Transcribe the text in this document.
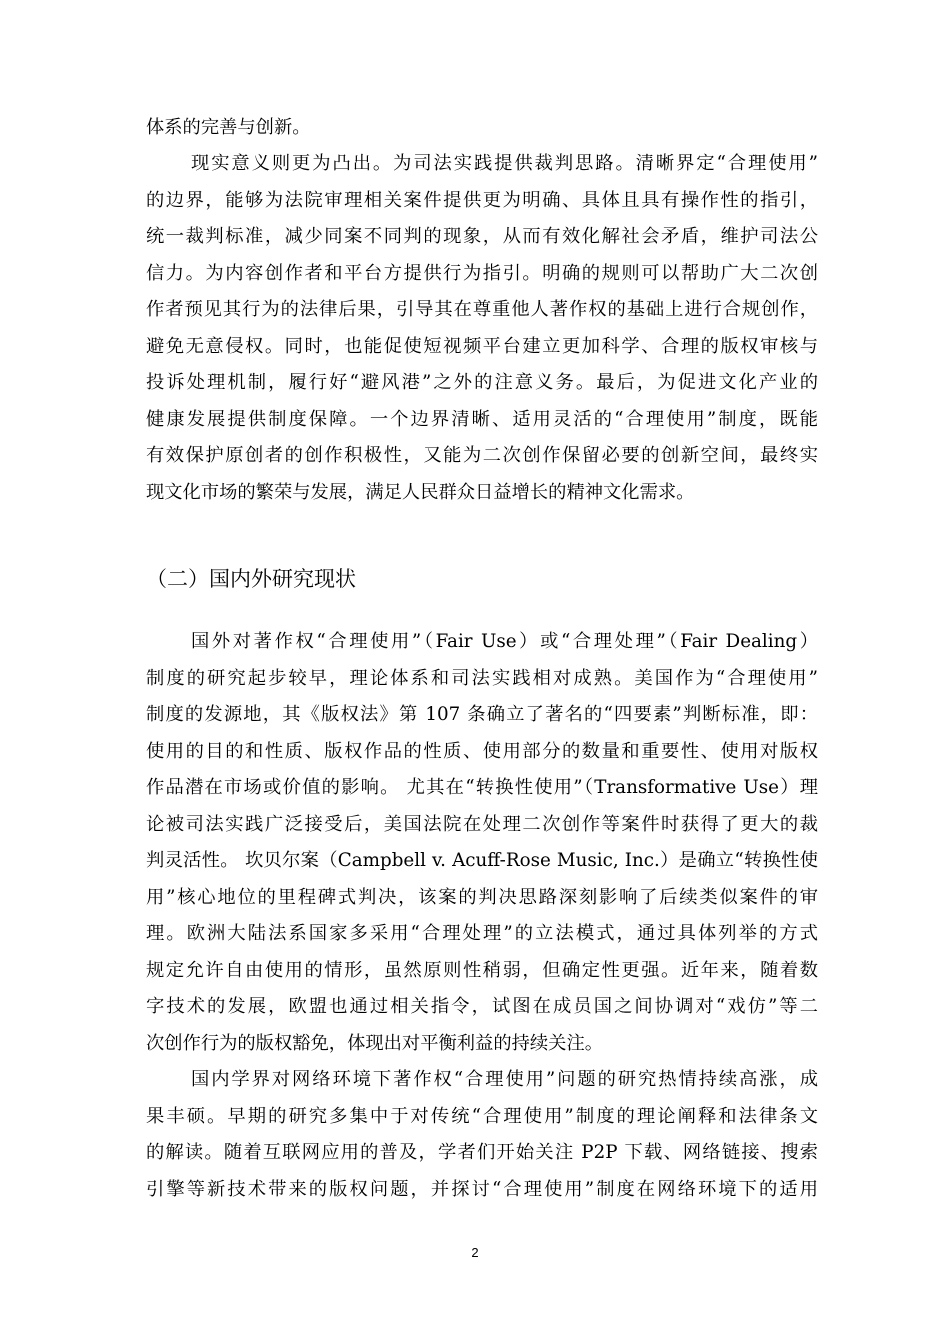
体系的完善与创新。
现实意义则更为凸出。为司法实践提供裁判思路。清晰界定“合理使用”
的边界，能够为法院审理相关案件提供更为明确、具体且具有操作性的指引，
统一裁判标准，减少同案不同判的现象，从而有效化解社会矛盾，维护司法公
信力。为内容创作者和平台方提供行为指引。明确的规则可以帮助广大二次创
作者预见其行为的法律后果，引导其在尊重他人著作权的基础上进行合规创作，
避免无意侵权。同时，也能促使短视频平台建立更加科学、合理的版权审核与
投诉处理机制，履行好“避风港”之外的注意义务。最后，为促进文化产业的
健康发展提供制度保障。一个边界清晰、适用灵活的“合理使用”制度，既能
有效保护原创者的创作积极性，又能为二次创作保留必要的创新空间，最终实
现文化市场的繁荣与发展，满足人民群众日益增长的精神文化需求。
（二）国内外研究现状
国外对著作权“合理使用”（Fair Use）或“合理处理”（Fair Dealing）
制度的研究起步较早，理论体系和司法实践相对成熟。美国作为“合理使用”
制度的发源地，其《版权法》第 107 条确立了著名的“四要素”判断标准，即：
使用的目的和性质、版权作品的性质、使用部分的数量和重要性、使用对版权
作品潜在市场或价值的影响。 尤其在“转换性使用”（Transformative Use）理
论被司法实践广泛接受后，美国法院在处理二次创作等案件时获得了更大的裁
判灵活性。 坎贝尔案（Campbell v. Acuff-Rose Music, Inc.）是确立“转换性使
用”核心地位的里程碑式判决，该案的判决思路深刻影响了后续类似案件的审
理。欧洲大陆法系国家多采用“合理处理”的立法模式，通过具体列举的方式
规定允许自由使用的情形，虽然原则性稍弱，但确定性更强。近年来，随着数
字技术的发展，欧盟也通过相关指令，试图在成员国之间协调对“戏仿”等二
次创作行为的版权豁免，体现出对平衡利益的持续关注。
国内学界对网络环境下著作权“合理使用”问题的研究热情持续高涨，成
果丰硕。早期的研究多集中于对传统“合理使用”制度的理论阐释和法律条文
的解读。随着互联网应用的普及，学者们开始关注 P2P 下载、网络链接、搜索
引擎等新技术带来的版权问题，并探讨“合理使用”制度在网络环境下的适用
2
